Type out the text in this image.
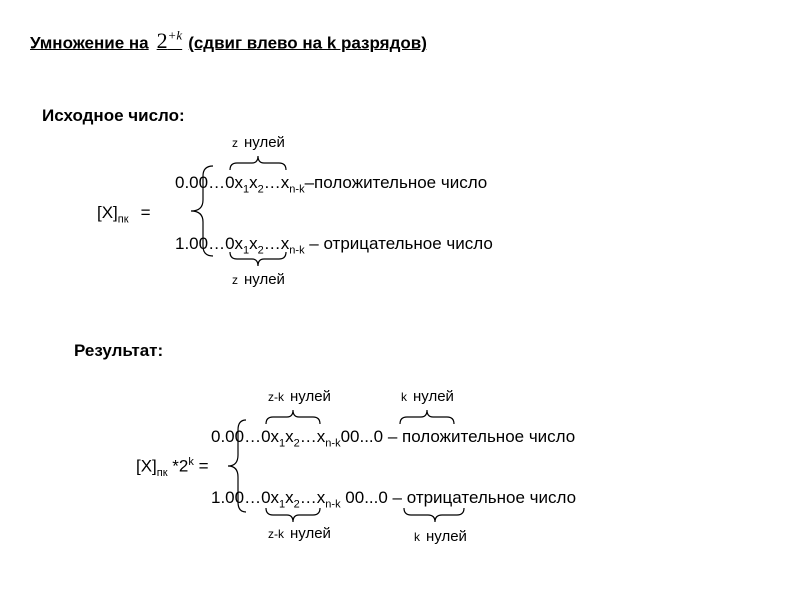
Умножение на $2^{+k}$ (сдвиг влево на k разрядов)
Исходное число:
z нулей
$0.00\dots 0x_1x_2\dots x_{n-k}$–положительное число
$[X]_{пк}$ =
$1.00\dots 0x_1x_2\dots x_{n-k}$ – отрицательное число
z нулей
Результат:
z-k нулей	k нулей
$0.00\dots 0x_1x_2\dots x_{n-k}00...0$ – положительное число
$[X]_{пк}$ $*2^k$ =
$1.00\dots 0x_1x_2\dots x_{n-k}$ 00...0 – отрицательное число
z-k нулей	k нулей
